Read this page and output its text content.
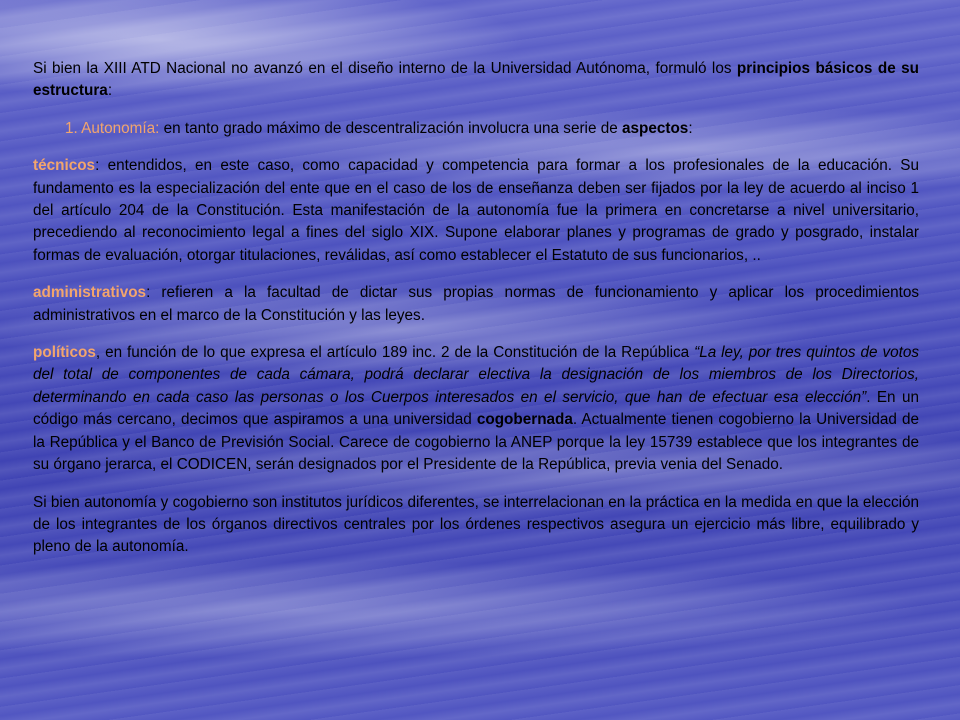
Si bien la XIII ATD Nacional no avanzó en el diseño interno de la Universidad Autónoma, formuló los principios básicos de su estructura:

1. Autonomía: en tanto grado máximo de descentralización involucra una serie de aspectos:

técnicos: entendidos, en este caso, como capacidad y competencia para formar a los profesionales de la educación. Su fundamento es la especialización del ente que en el caso de los de enseñanza deben ser fijados por la ley de acuerdo al inciso 1 del artículo 204 de la Constitución. Esta manifestación de la autonomía fue la primera en concretarse a nivel universitario, precediendo al reconocimiento legal a fines del siglo XIX. Supone elaborar planes y programas de grado y posgrado, instalar formas de evaluación, otorgar titulaciones, reválidas, así como establecer el Estatuto de sus funcionarios, ..

administrativos: refieren a la facultad de dictar sus propias normas de funcionamiento y aplicar los procedimientos administrativos en el marco de la Constitución y las leyes.

políticos, en función de lo que expresa el artículo 189 inc. 2 de la Constitución de la República “La ley, por tres quintos de votos del total de componentes de cada cámara, podrá declarar electiva la designación de los miembros de los Directorios, determinando en cada caso las personas o los Cuerpos interesados en el servicio, que han de efectuar esa elección”. En un código más cercano, decimos que aspiramos a una universidad cogobernada. Actualmente tienen cogobierno la Universidad de la República y el Banco de Previsión Social. Carece de cogobierno la ANEP porque la ley 15739 establece que los integrantes de su órgano jerarca, el CODICEN, serán designados por el Presidente de la República, previa venia del Senado.

Si bien autonomía y cogobierno son institutos jurídicos diferentes, se interrelacionan en la práctica en la medida en que la elección de los integrantes de los órganos directivos centrales por los órdenes respectivos asegura un ejercicio más libre, equilibrado y pleno de la autonomía.
